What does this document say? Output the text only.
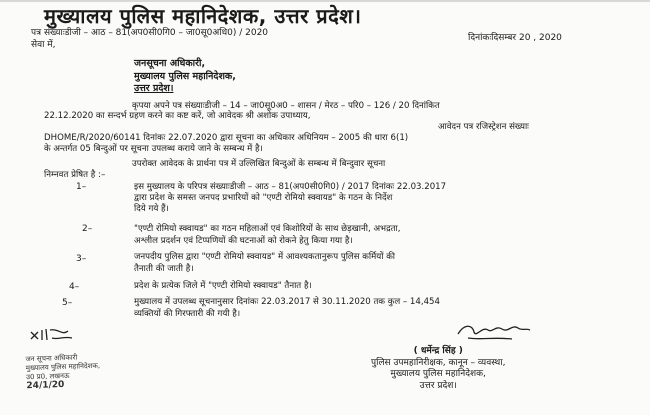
मुख्यालय पुलिस महानिदेशक, उत्तर प्रदेश।
पत्र संख्याःडीजी – आठ – 81(अप0सी0गि0 – जा0सू0अधि0) / 2020	दिनांकःदिसम्बर 20 , 2020
सेवा में,
जनसूचना अधिकारी,
मुख्यालय पुलिस महानिदेशक,
उत्तर प्रदेश।
कृपया अपने पत्र संख्याःडीजी – 14 – जा0सू0अ0 – शासन / मेरठ – परि0 – 126 / 20 दिनांकित
22.12.2020 का सन्दर्भ ग्रहण करने का कष्ट करें, जो आवेदक श्री अशोक उपाध्याय,
आवेदन पत्र रजिस्ट्रेशन संख्याः
DHOME/R/2020/60141 दिनांकः 22.07.2020 द्वारा सूचना का अधिकार अधिनियम – 2005 की धारा 6(1)
के अन्तर्गत 05 बिन्दुओं पर सूचना उपलब्ध कराये जाने के सम्बन्ध में है।
उपरोक्त आवेदक के प्रार्थना पत्र में उल्लिखित बिन्दुओं के सम्बन्ध में बिन्दुवार सूचना
निम्नवत प्रेषित है :–
1–	इस मुख्यालय के परिपत्र संख्याःडीजी – आठ – 81(अप0सी0गि0) / 2017 दिनांकः 22.03.2017
द्वारा प्रदेश के समस्त जनपद प्रभारियों को "एण्टी रोमियो स्क्वायड" के गठन के निर्देश
दिये गये हैं।
2–	"एण्टी रोमियो स्क्वायड" का गठन महिलाओं एवं किशोरियों के साथ छेड़खानी, अभद्रता,
अश्लील प्रदर्शन एवं टिप्पणियों की घटनाओं को रोकने हेतु किया गया है।
3–	जनपदीय पुलिस द्वारा "एण्टी रोमियो स्क्वायड" में आवश्यकतानुरूप पुलिस कर्मियों की
तैनाती की जाती है।
4–	प्रदेश के प्रत्येक जिले में "एण्टी रोमियो स्क्वायड" तैनात है।
5–	मुख्यालय में उपलब्ध सूचनानुसार दिनांकः 22.03.2017 से 30.11.2020 तक कुल – 14,454
व्यक्तियों की गिरफ्तारी की गयी है।
( धर्मेन्द्र सिंह )
पुलिस उपमहानिरीक्षक, कानून – व्यवस्था,
मुख्यालय पुलिस महानिदेशक,
उत्तर प्रदेश।
जन सूचना अधिकारी
मुख्यालय पुलिस महानिदेशक,
उ0 प्र0, लखनऊ
24/1/20
